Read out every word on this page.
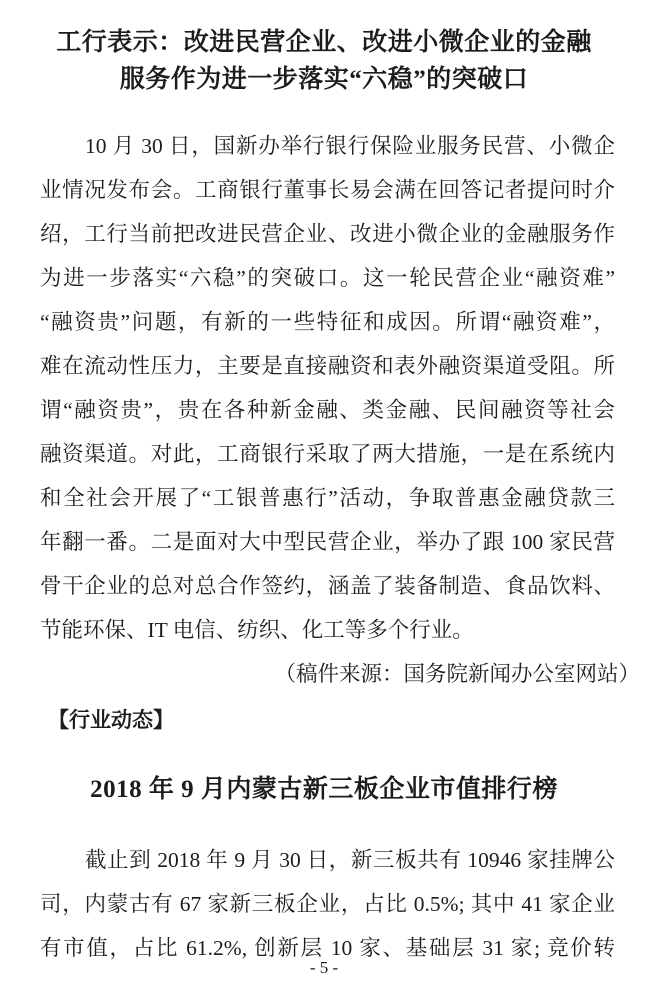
工行表示：改进民营企业、改进小微企业的金融
服务作为进一步落实“六稳”的突破口
10 月 30 日，国新办举行银行保险业服务民营、小微企
业情况发布会。工商银行董事长易会满在回答记者提问时介
绍，工行当前把改进民营企业、改进小微企业的金融服务作
为进一步落实“六稳”的突破口。这一轮民营企业“融资难”
“融资贵”问题，有新的一些特征和成因。所谓“融资难”，
难在流动性压力，主要是直接融资和表外融资渠道受阻。所
谓“融资贵”，贵在各种新金融、类金融、民间融资等社会
融资渠道。对此，工商银行采取了两大措施，一是在系统内
和全社会开展了“工银普惠行”活动，争取普惠金融贷款三
年翻一番。二是面对大中型民营企业，举办了跟 100 家民营
骨干企业的总对总合作签约，涵盖了装备制造、食品饮料、
节能环保、IT 电信、纺织、化工等多个行业。
（稿件来源：国务院新闻办公室网站）
【行业动态】
2018 年 9 月内蒙古新三板企业市值排行榜
截止到 2018 年 9 月 30 日，新三板共有 10946 家挂牌公
司，内蒙古有 67 家新三板企业，占比 0.5%; 其中 41 家企业
有市值，占比 61.2%, 创新层 10 家、基础层 31 家; 竞价转
- 5 -
